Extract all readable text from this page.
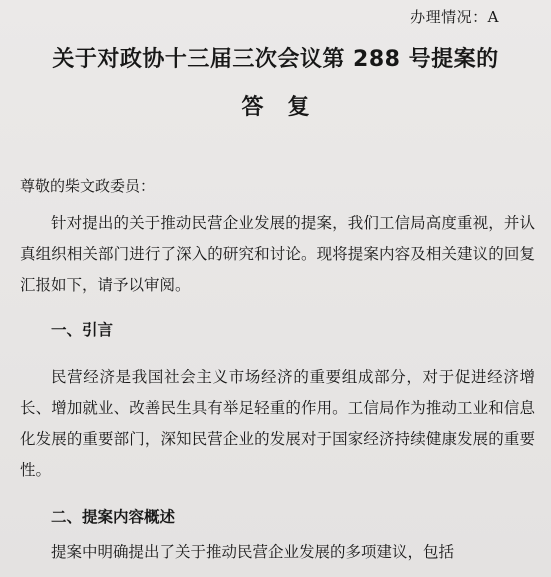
办理情况：A
关于对政协十三届三次会议第 288 号提案的
答复
尊敬的柴文政委员：

针对提出的关于推动民营企业发展的提案，我们工信局高度重视，并认真组织相关部门进行了深入的研究和讨论。现将提案内容及相关建议的回复汇报如下，请予以审阅。

一、引言

民营经济是我国社会主义市场经济的重要组成部分，对于促进经济增长、增加就业、改善民生具有举足轻重的作用。工信局作为推动工业和信息化发展的重要部门，深知民营企业的发展对于国家经济持续健康发展的重要性。

二、提案内容概述

提案中明确提出了关于推动民营企业发展的多项建议，包括
